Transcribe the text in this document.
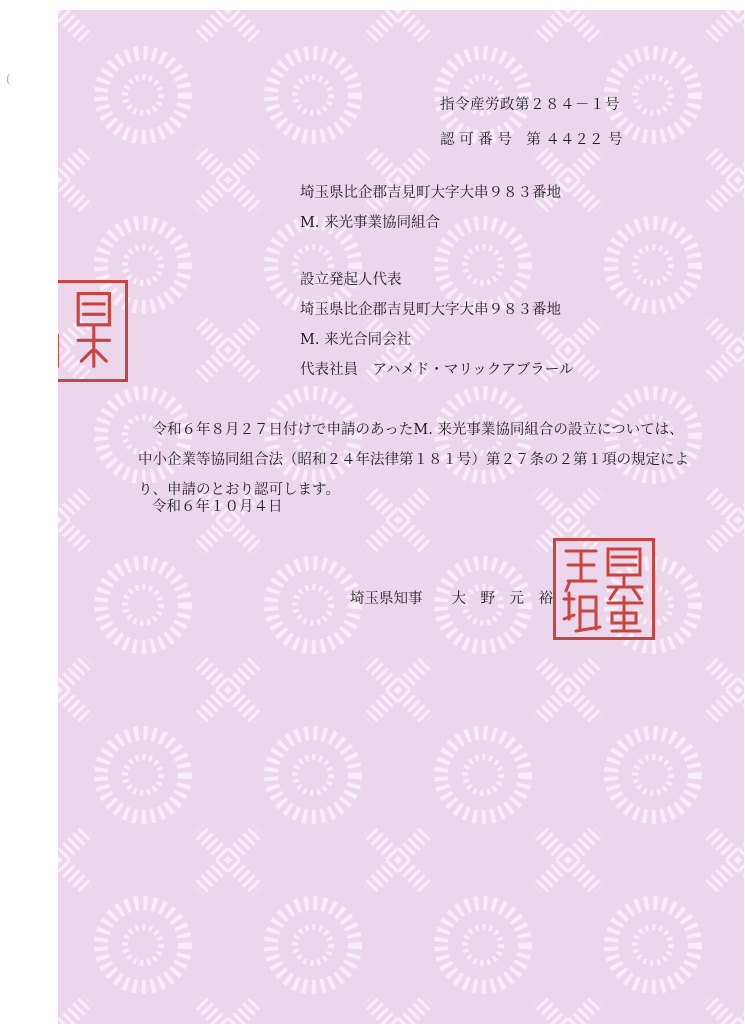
(
指令産労政第２８４－１号
認 可 番 号　第 ４４２２ 号
埼玉県比企郡吉見町大字大串９８３番地
M. 来光事業協同組合
設立発起人代表
埼玉県比企郡吉見町大字大串９８３番地
M. 来光合同会社
代表社員　アハメド・マリックアブラール

令和６年８月２７日付けで申請のあったM. 来光事業協同組合の設立については、中小企業等協同組合法（昭和２４年法律第１８１号）第２７条の２第１項の規定により、申請のとおり認可します。

令和６年１０月４日
埼玉県知事　　大　野　元　裕
